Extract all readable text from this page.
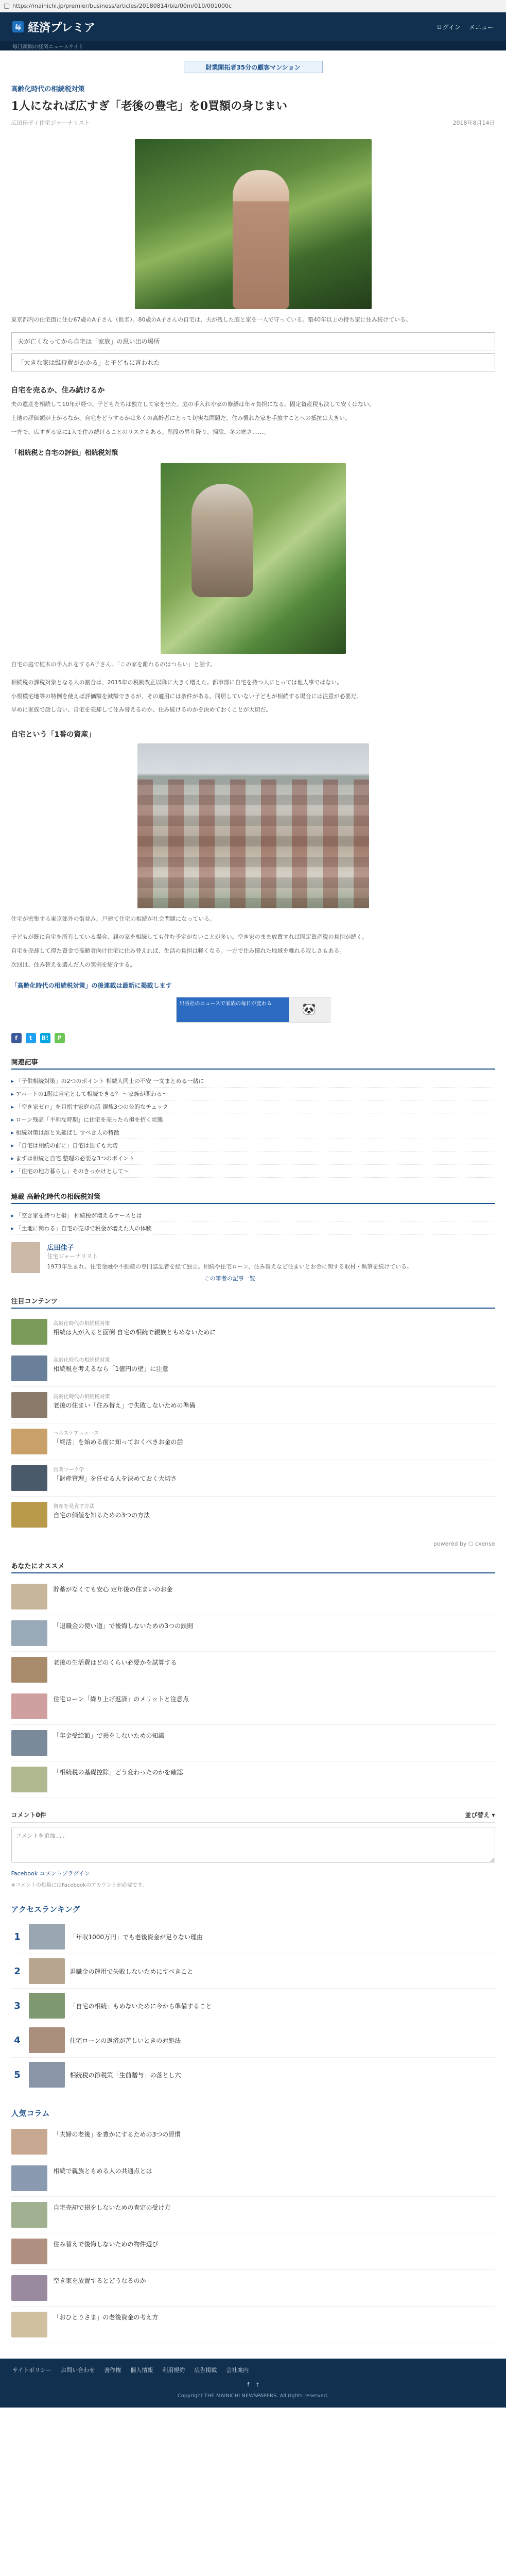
https://mainichi.jp/premier/business/articles/20180814/biz/00m/010/001000c
毎 経済プレミア	ログイン メニュー
毎日新聞の経済ニュースサイト
財業開拓者35分の顧客マンション
高齢化時代の相続税対策
1人になれば広すぎ「老後の豊宅」を0買額の身じまい
広田佳子 / 住宅ジャーナリスト	2018年8月14日

東京都内の住宅街に住む67歳のA子さん（仮名）。80歳のA子さんの自宅は、夫が残した庭と家を一人で守っている。築40年以上の持ち家に住み続けている。

夫が亡くなってから自宅は「家族」の思い出の場所
「大きな家は維持費がかかる」と子どもに言われた
自宅を売るか、住み続けるか

夫の遺産を相続して10年が経つ。子どもたちは独立して家を出た。庭の手入れや家の修繕は年々負担になる。固定資産税も決して安くはない。

土地の評価額が上がるなか、自宅をどうするかは多くの高齢者にとって切実な問題だ。住み慣れた家を手放すことへの抵抗は大きい。

一方で、広すぎる家に1人で住み続けることのリスクもある。階段の昇り降り、掃除、冬の寒さ……。

「相続税と自宅の評価」相続税対策

自宅の庭で植木の手入れをするA子さん。「この家を離れるのはつらい」と話す。

相続税の課税対象となる人の割合は、2015年の税制改正以降に大きく増えた。都市部に自宅を持つ人にとっては他人事ではない。

小規模宅地等の特例を使えば評価額を減額できるが、その適用には条件がある。同居していない子どもが相続する場合には注意が必要だ。

早めに家族で話し合い、自宅を売却して住み替えるのか、住み続けるのかを決めておくことが大切だ。

自宅という「1番の資産」

住宅が密集する東京郊外の街並み。戸建て住宅の相続が社会問題になっている。

子どもが既に自宅を所有している場合、親の家を相続しても住む予定がないことが多い。空き家のまま放置すれば固定資産税の負担が続く。

自宅を売却して得た資金で高齢者向け住宅に住み替えれば、生活の負担は軽くなる。一方で住み慣れた地域を離れる寂しさもある。

次回は、住み替えを選んだ人の実例を紹介する。

「高齢化時代の相続税対策」の後連載は最新に掲載します
出版社のニュースで家族の毎日が変わる	🐼
f	t	B!	P
関連記事
▸ 「子供相続対策」の2つのポイント 相続人同士の不安 一文まとめる一緒に
▸ アパートの1階は自宅として相続できる？ 〜家族が関わる〜
▸ 「空き家ゼロ」を目指す家庭の話 親族3つの公的なチェック
▸ ローン残高「不利な時期」に住宅を売ったら損を招く状態
▸ 相続対策は誰と先延ばし すべき人の特徴
▸ 「自宅は相続の前に」自宅は出ても大切
▸ まずは相続と自宅 整理の必要な3つのポイント
▸ 「住宅の地方暮らし」そのきっかけとして〜
連載 高齢化時代の相続税対策
▸ 「空き家を持つと損」 相続税が増えるケースとは
▸ 「土地に関わる」自宅の売却で税金が増えた人の体験
広田佳子
住宅ジャーナリスト
1973年生まれ。住宅金融や不動産の専門誌記者を経て独立。相続や住宅ローン、住み替えなど住まいとお金に関する取材・執筆を続けている。
この筆者の記事一覧
注目コンテンツ
高齢化時代の相続税対策
相続は人が入ると面倒 自宅の相続で親族ともめないために
高齢化時代の相続税対策
相続税を考えるなら「1億円の壁」に注意
高齢化時代の相続税対策
老後の住まい「住み替え」で失敗しないための準備
ヘルスケアニュース
「終活」を始める前に知っておくべきお金の話
営業ワーク学
「財産管理」を任せる人を決めておく大切さ
資産を見直す方法
自宅の価値を知るための3つの方法
powered by ⬡ cxense
あなたにオススメ
貯蓄がなくても安心 定年後の住まいのお金
「退職金の使い道」で後悔しないための3つの鉄則
老後の生活費はどのくらい必要かを試算する
住宅ローン「繰り上げ返済」のメリットと注意点
「年金受給額」で損をしないための知識
「相続税の基礎控除」どう変わったのかを確認
コメント0件	並び替え ▾
コメントを追加...
Facebook コメントプラグイン
※コメントの投稿にはFacebookのアカウントが必要です。
アクセスランキング
1	「年収1000万円」でも老後資金が足りない理由
2	退職金の運用で失敗しないためにすべきこと
3	「自宅の相続」もめないために今から準備すること
4	住宅ローンの返済が苦しいときの対処法
5	相続税の節税策「生前贈与」の落とし穴
人気コラム
「夫婦の老後」を豊かにするための3つの習慣
相続で親族ともめる人の共通点とは
自宅売却で損をしないための査定の受け方
住み替えで後悔しないための物件選び
空き家を放置するとどうなるのか
「おひとりさま」の老後資金の考え方
サイトポリシー お問い合わせ 著作権 個人情報 利用規約 広告掲載 会社案内
f t
Copyright THE MAINICHI NEWSPAPERS. All rights reserved.
